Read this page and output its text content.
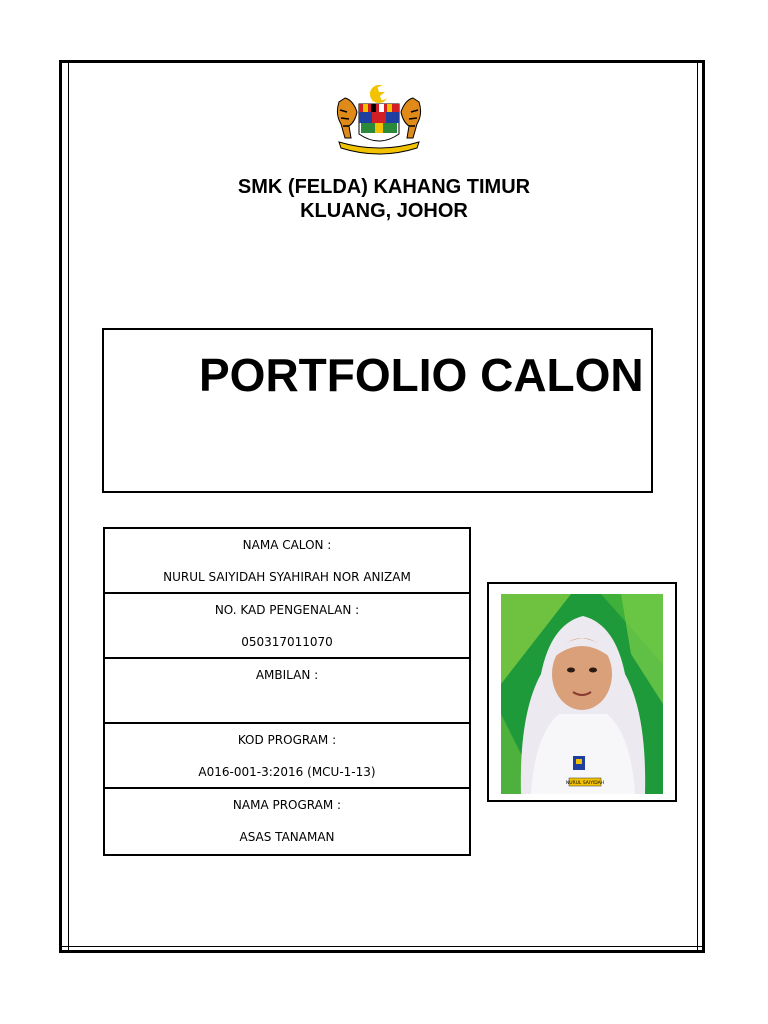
SMK (FELDA) KAHANG TIMUR
KLUANG, JOHOR
PORTFOLIO CALON
NAMA CALON :
NURUL SAIYIDAH SYAHIRAH NOR ANIZAM
NO. KAD PENGENALAN :
050317011070
AMBILAN :
KOD PROGRAM :
A016-001-3:2016 (MCU-1-13)
NAMA PROGRAM :
ASAS TANAMAN
NURUL SAIYIDAH
